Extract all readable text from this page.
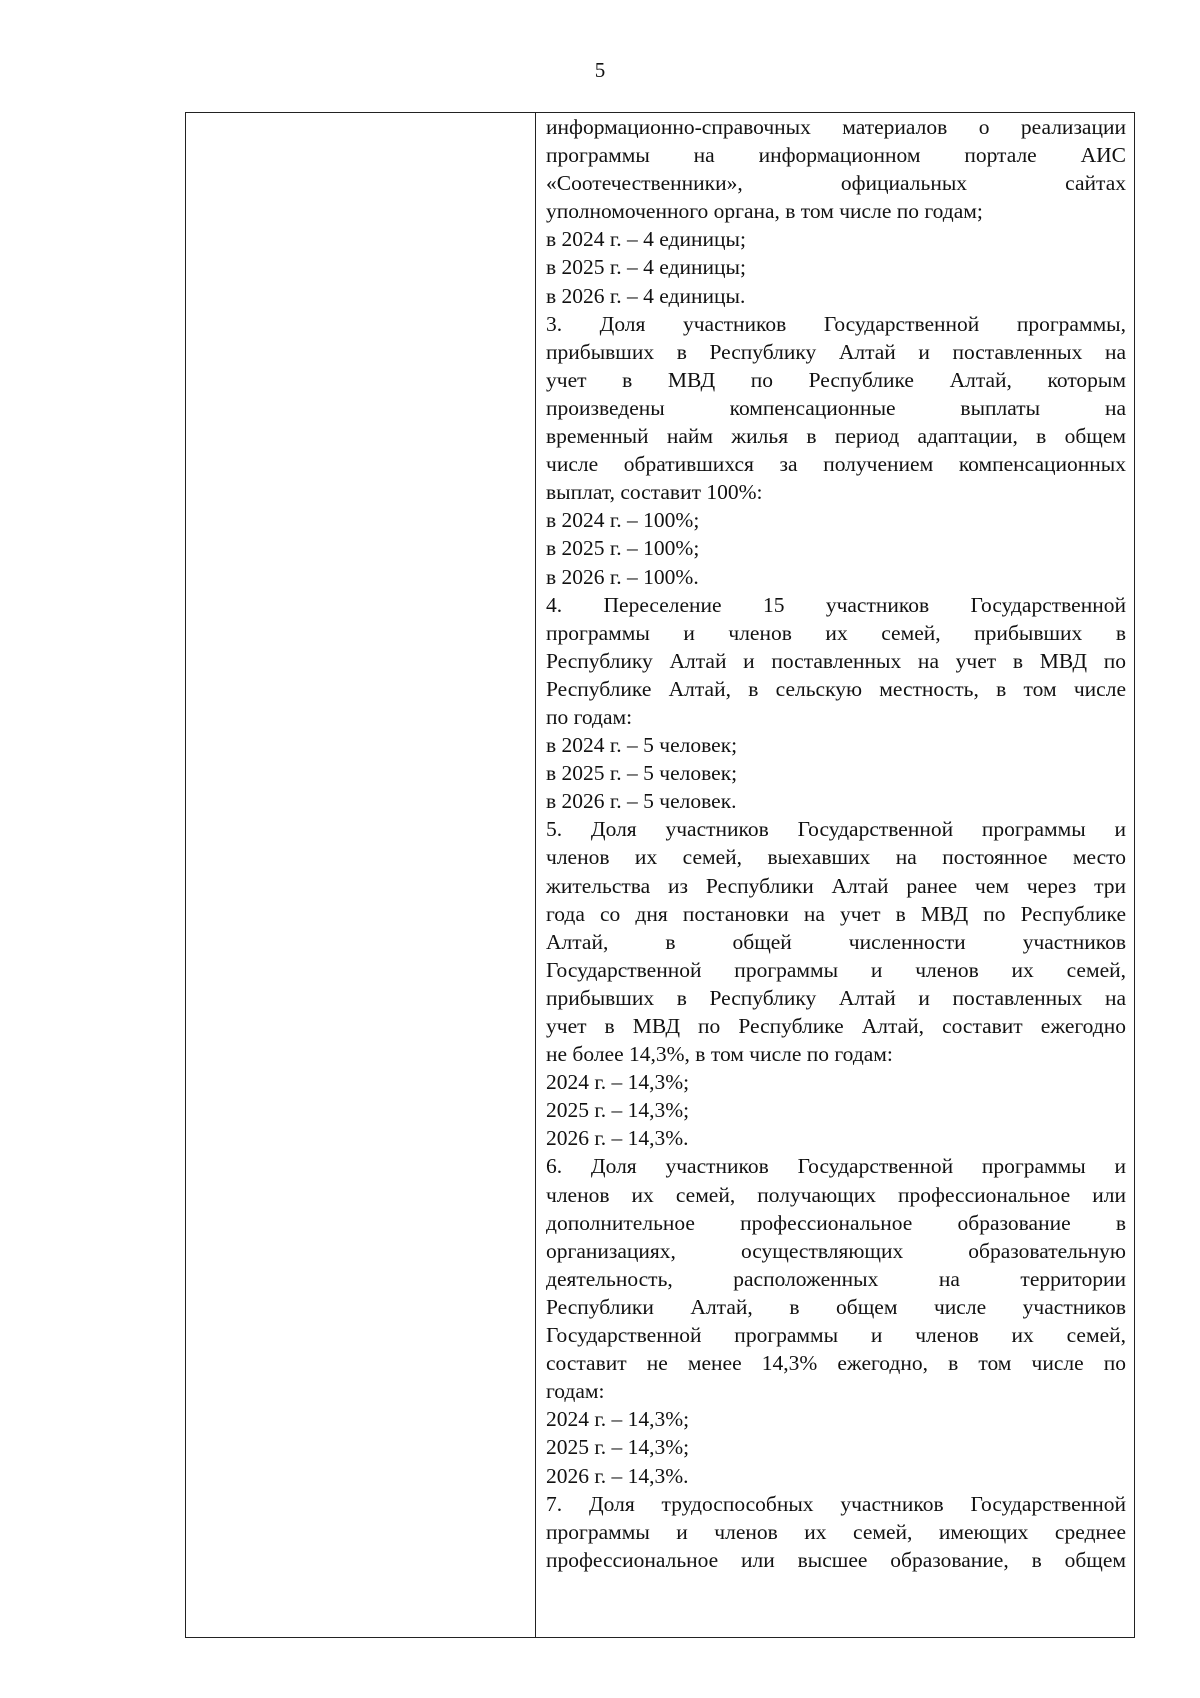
5
информационно-справочных материалов о реализации
программы на информационном портале АИС
«Соотечественники», официальных сайтах
уполномоченного органа, в том числе по годам;
в 2024 г. – 4 единицы;
в 2025 г. – 4 единицы;
в 2026 г. – 4 единицы.
3. Доля участников Государственной программы,
прибывших в Республику Алтай и поставленных на
учет в МВД по Республике Алтай, которым
произведены компенсационные выплаты на
временный найм жилья в период адаптации, в общем
числе обратившихся за получением компенсационных
выплат, составит 100%:
в 2024 г. – 100%;
в 2025 г. – 100%;
в 2026 г. – 100%.
4. Переселение 15 участников Государственной
программы и членов их семей, прибывших в
Республику Алтай и поставленных на учет в МВД по
Республике Алтай, в сельскую местность, в том числе
по годам:
в 2024 г. – 5 человек;
в 2025 г. – 5 человек;
в 2026 г. – 5 человек.
5. Доля участников Государственной программы и
членов их семей, выехавших на постоянное место
жительства из Республики Алтай ранее чем через три
года со дня постановки на учет в МВД по Республике
Алтай, в общей численности участников
Государственной программы и членов их семей,
прибывших в Республику Алтай и поставленных на
учет в МВД по Республике Алтай, составит ежегодно
не более 14,3%, в том числе по годам:
2024 г. – 14,3%;
2025 г. – 14,3%;
2026 г. – 14,3%.
6. Доля участников Государственной программы и
членов их семей, получающих профессиональное или
дополнительное профессиональное образование в
организациях, осуществляющих образовательную
деятельность, расположенных на территории
Республики Алтай, в общем числе участников
Государственной программы и членов их семей,
составит не менее 14,3% ежегодно, в том числе по
годам:
2024 г. – 14,3%;
2025 г. – 14,3%;
2026 г. – 14,3%.
7. Доля трудоспособных участников Государственной
программы и членов их семей, имеющих среднее
профессиональное или высшее образование, в общем
